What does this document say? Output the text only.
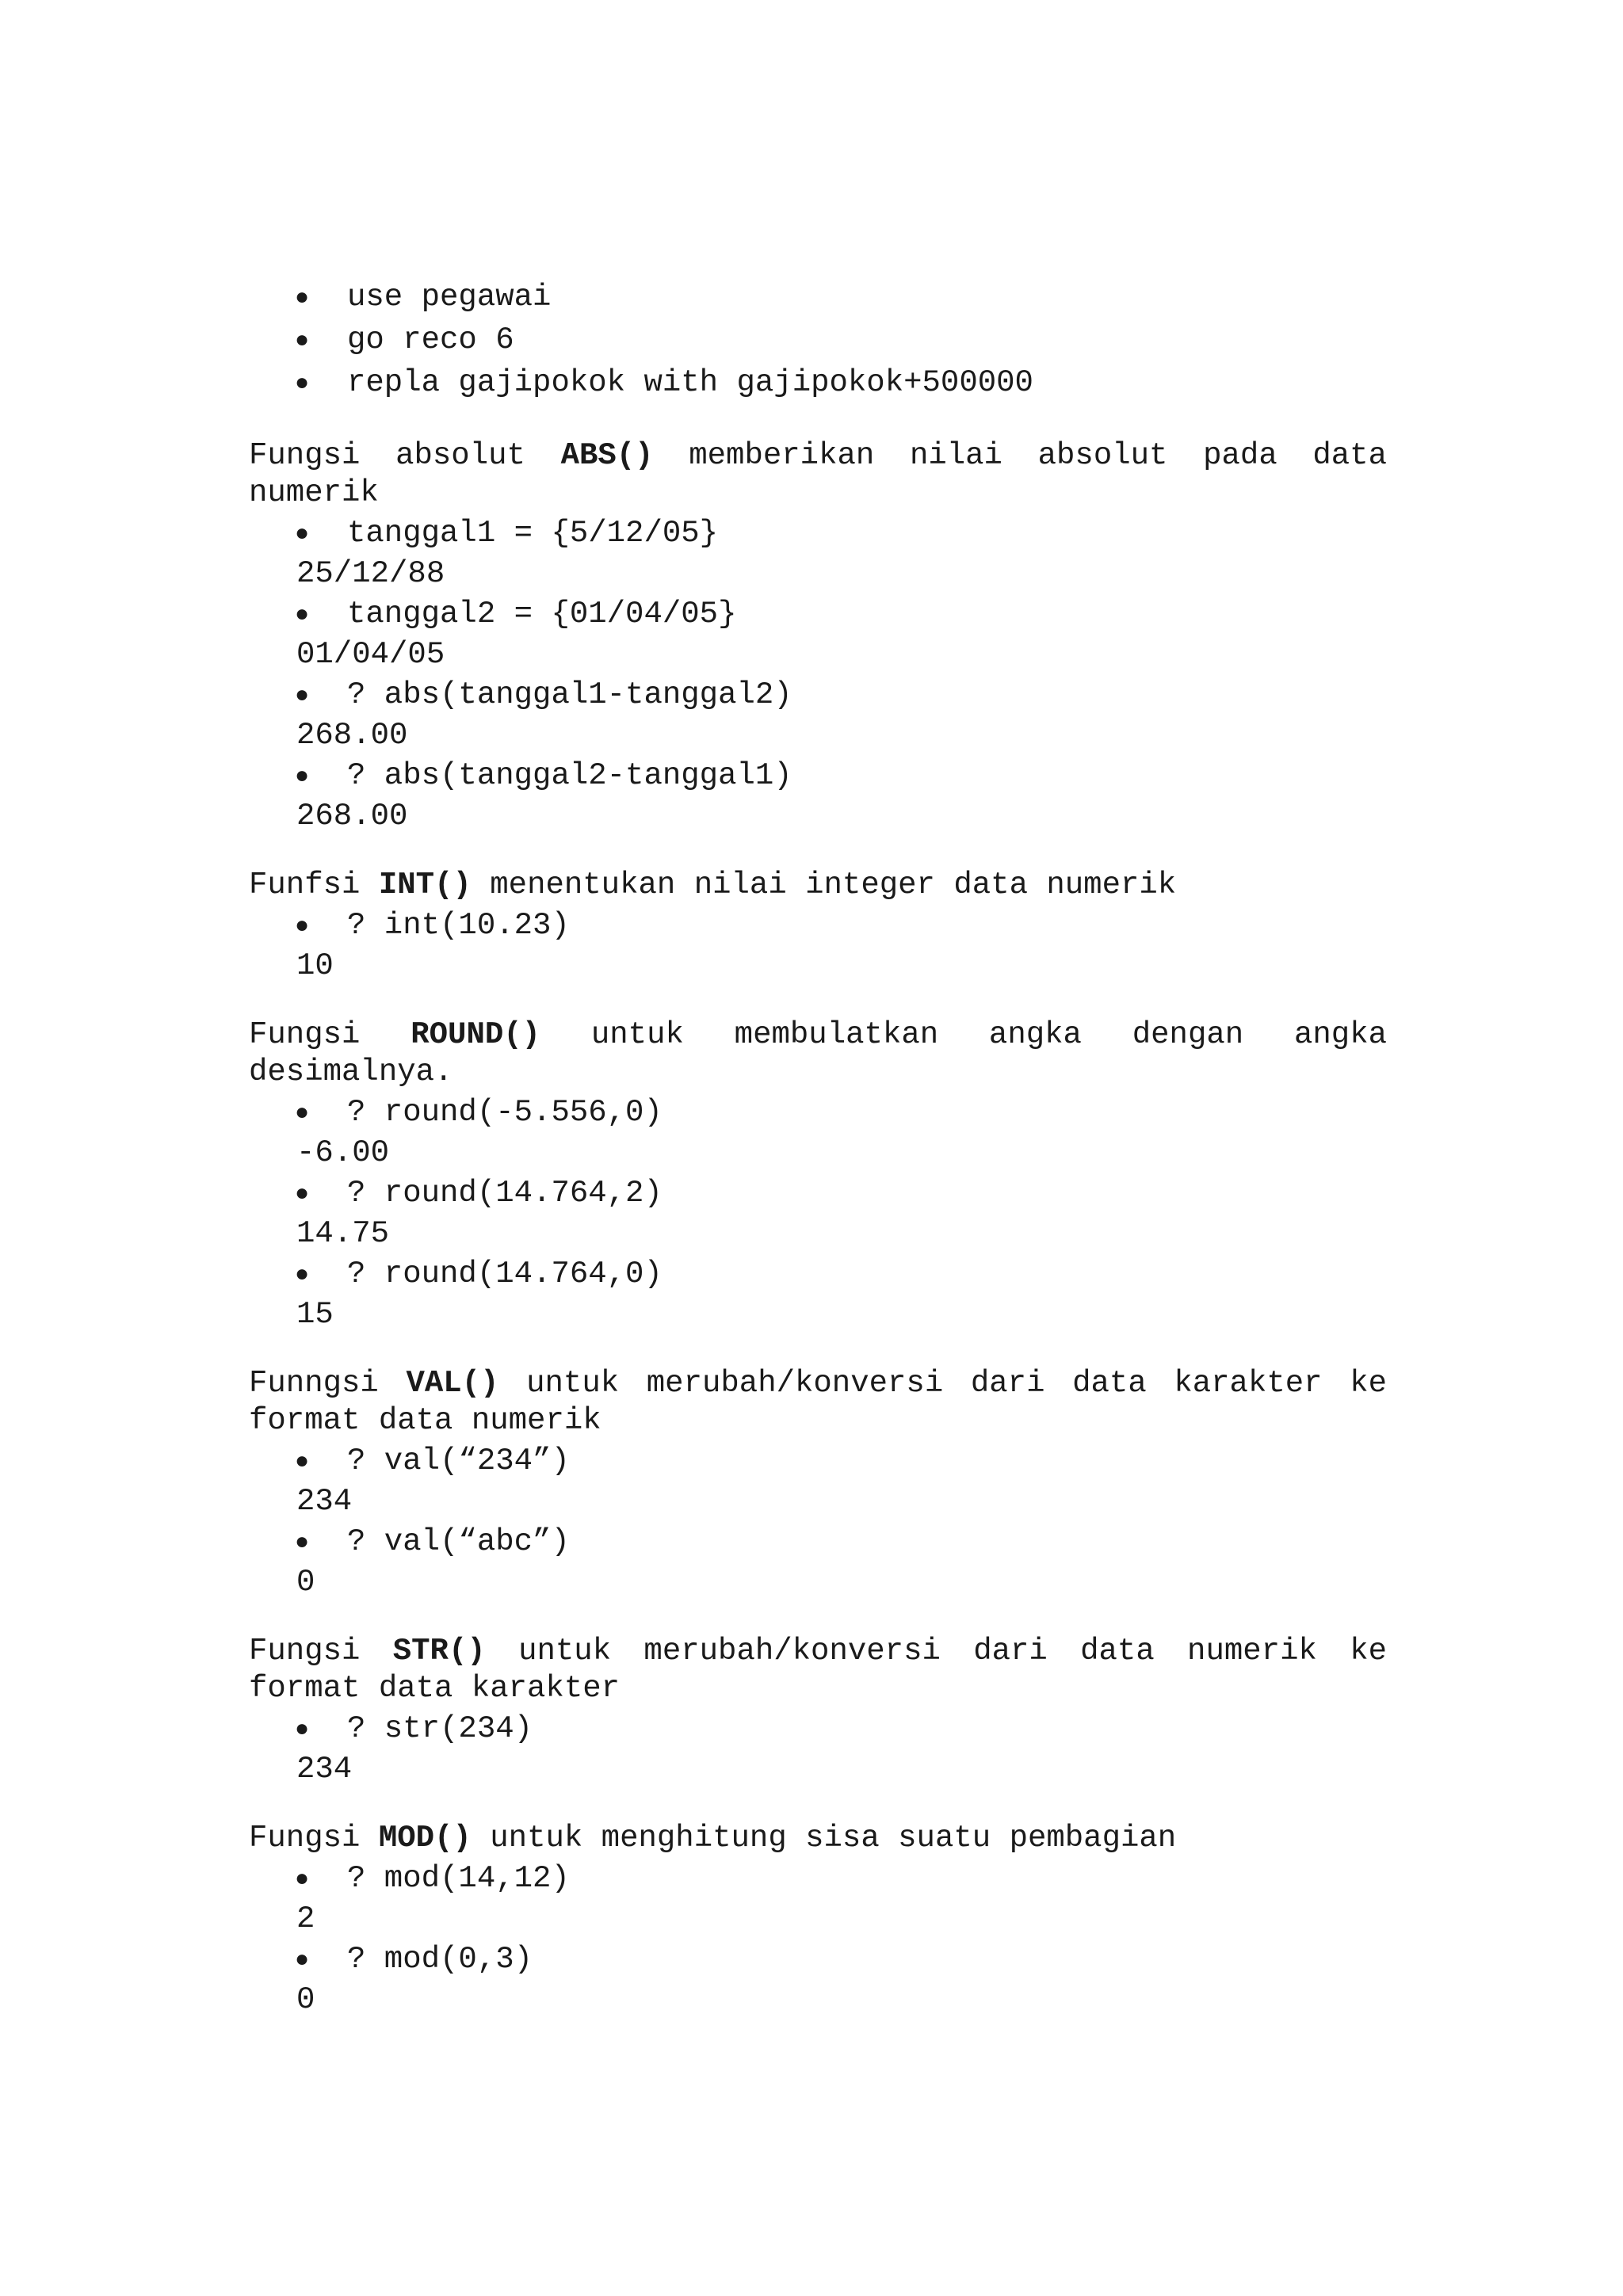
● use pegawai
● go reco 6
● repla gajipokok with gajipokok+500000

Fungsi absolut ABS() memberikan nilai absolut pada data numerik

● tanggal1 = {5/12/05}
25/12/88
● tanggal2 = {01/04/05}
01/04/05
● ? abs(tanggal1-tanggal2)
268.00
● ? abs(tanggal2-tanggal1)
268.00

Funfsi INT() menentukan nilai integer data numerik

● ? int(10.23)
10

Fungsi ROUND() untuk membulatkan angka dengan angka desimalnya.

● ? round(-5.556,0)
-6.00
● ? round(14.764,2)
14.75
● ? round(14.764,0)
15

Funngsi VAL() untuk merubah/konversi dari data karakter ke format data numerik

● ? val(“234”)
234
● ? val(“abc”)
0

Fungsi STR() untuk merubah/konversi dari data numerik ke format data karakter

● ? str(234)
234

Fungsi MOD() untuk menghitung sisa suatu pembagian

● ? mod(14,12)
2
● ? mod(0,3)
0
